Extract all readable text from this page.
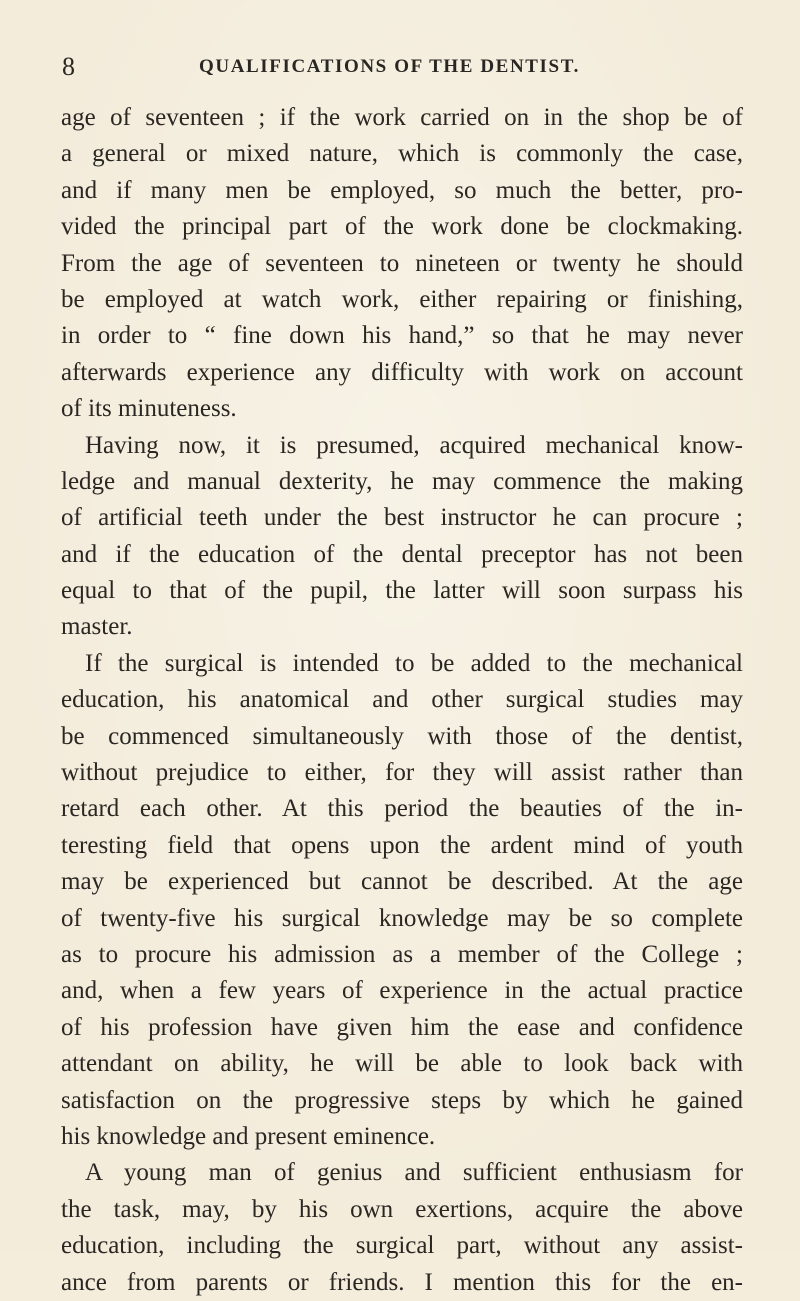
8	QUALIFICATIONS OF THE DENTIST.
age of seventeen ; if the work carried on in the shop be of
a general or mixed nature, which is commonly the case,
and if many men be employed, so much the better, pro-
vided the principal part of the work done be clockmaking.
From the age of seventeen to nineteen or twenty he should
be employed at watch work, either repairing or finishing,
in order to “ fine down his hand,” so that he may never
afterwards experience any difficulty with work on account
of its minuteness.
Having now, it is presumed, acquired mechanical know-
ledge and manual dexterity, he may commence the making
of artificial teeth under the best instructor he can procure ;
and if the education of the dental preceptor has not been
equal to that of the pupil, the latter will soon surpass his
master.
If the surgical is intended to be added to the mechanical
education, his anatomical and other surgical studies may
be commenced simultaneously with those of the dentist,
without prejudice to either, for they will assist rather than
retard each other. At this period the beauties of the in-
teresting field that opens upon the ardent mind of youth
may be experienced but cannot be described. At the age
of twenty-five his surgical knowledge may be so complete
as to procure his admission as a member of the College ;
and, when a few years of experience in the actual practice
of his profession have given him the ease and confidence
attendant on ability, he will be able to look back with
satisfaction on the progressive steps by which he gained
his knowledge and present eminence.
A young man of genius and sufficient enthusiasm for
the task, may, by his own exertions, acquire the above
education, including the surgical part, without any assist-
ance from parents or friends. I mention this for the en-
